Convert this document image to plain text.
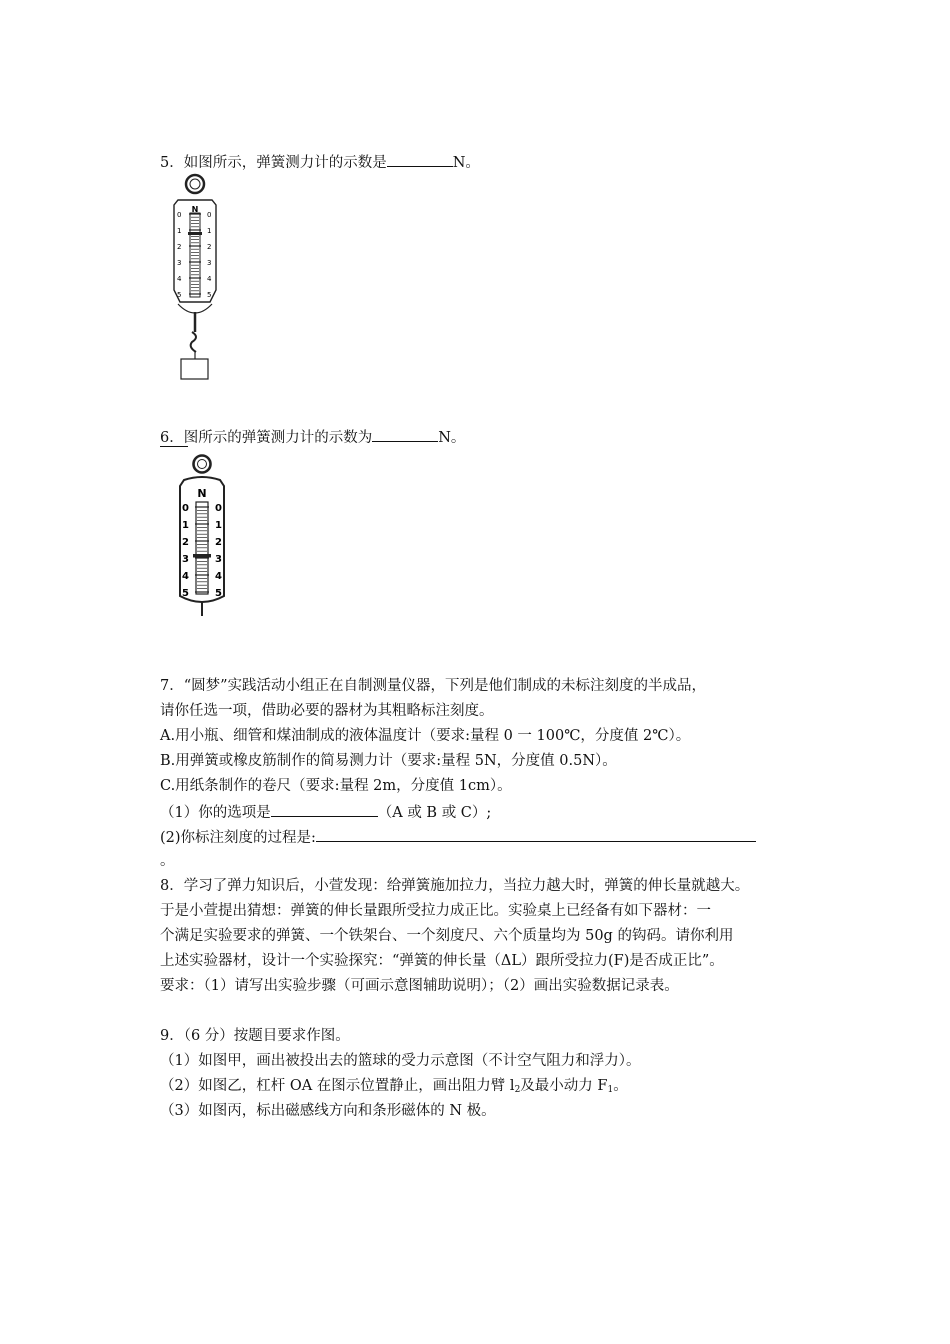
5．如图所示，弹簧测力计的示数是	N。
N
0
1
2
3
4
5
0
1
2
3
4
5
6．图所示的弹簧测力计的示数为	N。
N
0
1
2
3
4
5
0
1
2
3
4
5
7．“圆梦”实践活动小组正在自制测量仪器，下列是他们制成的未标注刻度的半成品，
请你任选一项，借助必要的器材为其粗略标注刻度。
A.用小瓶、细管和煤油制成的液体温度计（要求:量程 0 一 100℃，分度值 2℃）。
B.用弹簧或橡皮筋制作的简易测力计（要求:量程 5N，分度值 0.5N）。
C.用纸条制作的卷尺（要求:量程 2m，分度值 1cm）。
（1）你的选项是	（A 或 B 或 C）;
(2)你标注刻度的过程是:
。
8．学习了弹力知识后，小萱发现：给弹簧施加拉力，当拉力越大时，弹簧的伸长量就越大。
于是小萱提出猜想：弹簧的伸长量跟所受拉力成正比。实验桌上已经备有如下器材：一
个满足实验要求的弹簧、一个铁架台、一个刻度尺、六个质量均为 50g 的钩码。请你利用
上述实验器材，设计一个实验探究：“弹簧的伸长量（ΔL）跟所受拉力(F)是否成正比”。
要求：（1）请写出实验步骤（可画示意图辅助说明）；（2）画出实验数据记录表。
9．（6 分）按题目要求作图。
（1）如图甲，画出被投出去的篮球的受力示意图（不计空气阻力和浮力）。
（2）如图乙，杠杆 OA 在图示位置静止，画出阻力臂 $l_2$及最小动力 $F_1$。
（3）如图丙，标出磁感线方向和条形磁体的 N 极。
